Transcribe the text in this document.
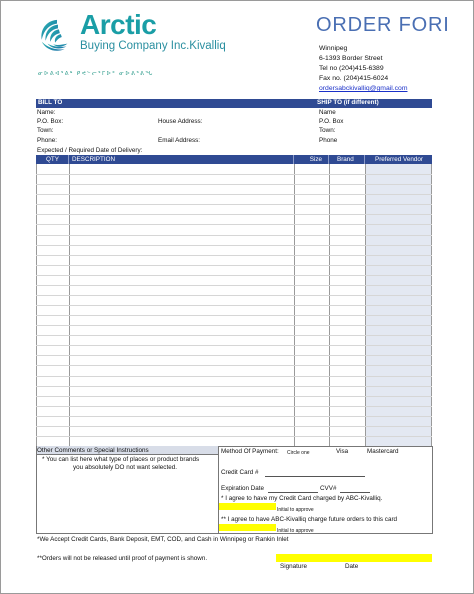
Arctic
Buying Company Inc.Kivalliq
ᓂᐅᕕᐊᕐᕕᒃ ᑭᕙᓪᓕᕐᒥᐅᑦ ᓂᐅᕕᕐᕕᖓ
ORDER FORI
Winnipeg
6-1393 Border Street
Tel no (204)415-6389
Fax no. (204)415-6024
ordersabckivalliq@gmail.com
BILL TO	SHIP TO (if different)
Name:
P.O. Box:	House Address:
Town:
Phone:	Email Address:
Name
P.O. Box
Town:
Phone
Expected / Required Date of Delivery:
QTY	DESCRIPTION	Size	Brand	Preferred Vendor
Other Comments or Special Instructions
* You can list here what type of places or product brands
you absolutely DO not want selected.
Method Of Payment: Circle one	Visa	Mastercard
Credit Card #
Expiration Date	CVV#
* I agree to have my Credit Card charged by ABC-Kivalliq.
Initial to approve
** I agree to have ABC-Kivalliq charge future orders to this card
Initial to approve
*We Accept Credit Cards, Bank Deposit, EMT, COD, and Cash in Winnipeg or Rankin Inlet
**Orders will not be released until proof of payment is shown.
Signature	Date
